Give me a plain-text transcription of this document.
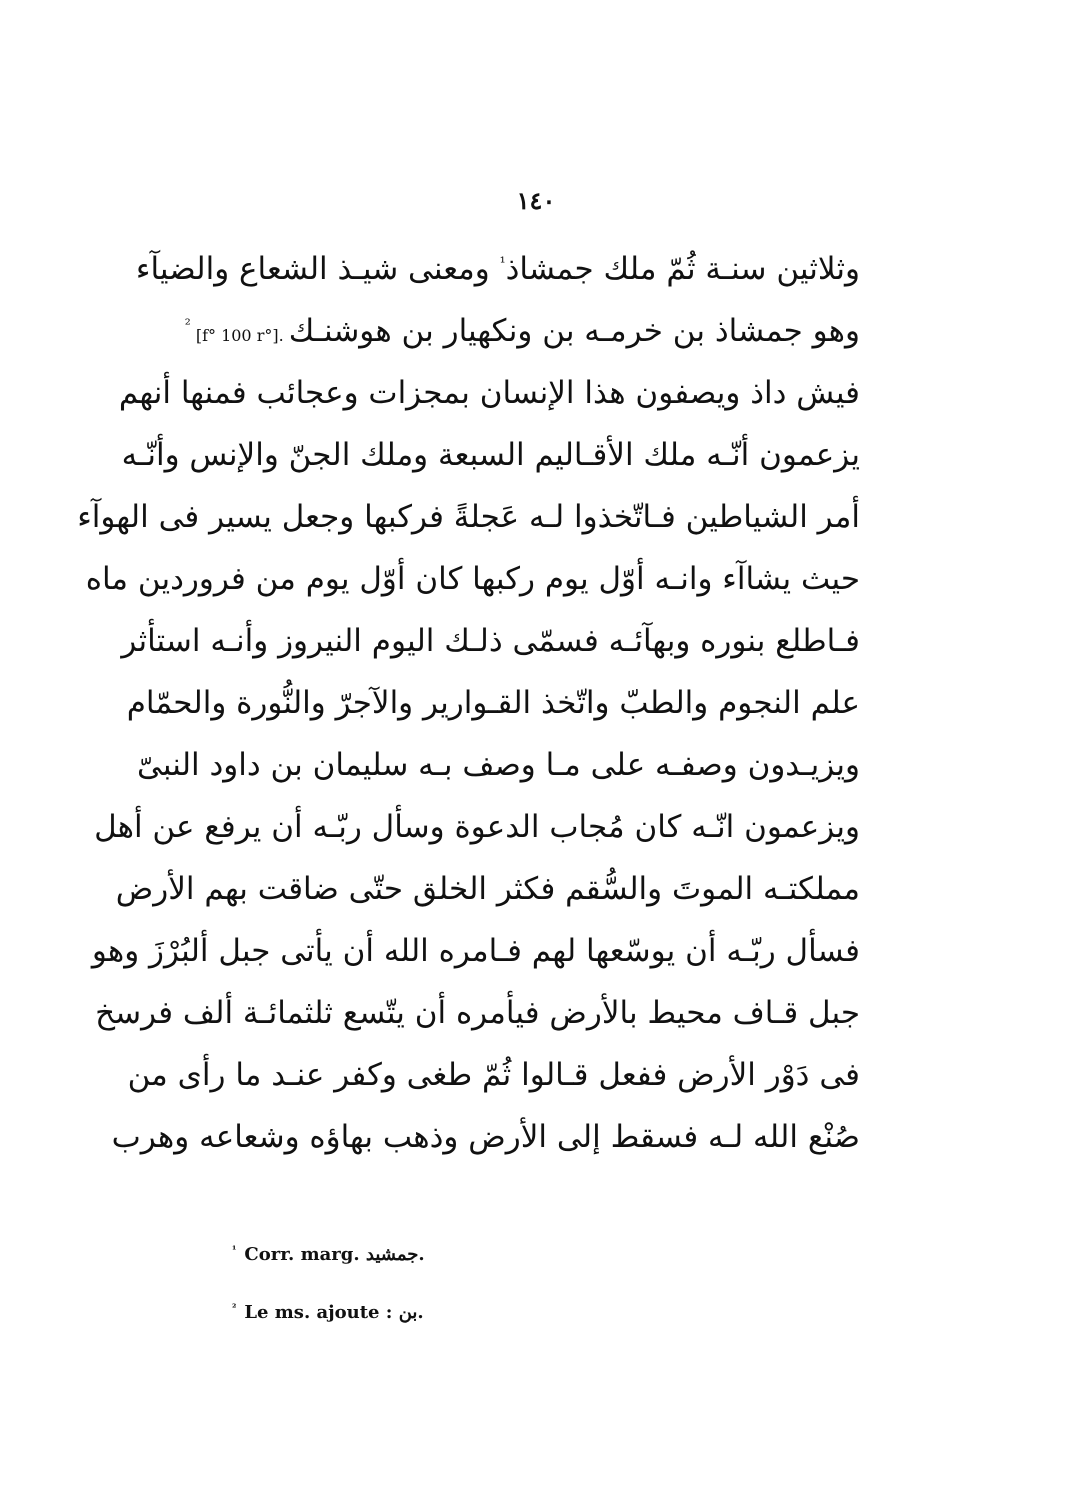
١٤٠
وثلاثين سنـة ثُمّ ملك جمشاذ$^{^1}$ ومعنى شيـذ الشعاع والضيآء
وهو جمشاذ بن خرمـه بن ونكهيار بن هوشنـك [f° 100 r°]. $^{^2}$
فيش داذ ويصفون هذا الإنسان بمجزات وعجائب فمنها أنهم
يزعمون أنّـه ملك الأقـاليم السبعة وملك الجنّ والإنس وأنّـه
أمر الشياطين فـاتّخذوا لـه عَجلةً فركبها وجعل يسير فى الهوآء
حيث يشاآء وانـه أوّل يوم ركبها كان أوّل يوم من فروردين ماه
فـاطلع بنوره وبهآئـه فسمّى ذلـك اليوم النيروز وأنـه استأثر
علم النجوم والطبّ واتّخذ القـوارير والآجرّ والنُّورة والحمّام
ويزيـدون وصفـه على مـا وصف بـه سليمان بن داود النبىّ
ويزعمون انّـه كان مُجاب الدعوة وسأل ربّـه أن يرفع عن أهل
مملكتـه الموتَ والسُّقم فكثر الخلق حتّى ضاقت بهم الأرض
فسأل ربّـه أن يوسّعها لهم فـامره الله أن يأتى جبل ألبُرْزَ وهو
جبل قـاف محيط بالأرض فيأمره أن يتّسع ثلثمائـة ألف فرسخ
فى دَوْر الأرض ففعل قـالوا ثُمّ طغى وكفر عنـد ما رأى من
صُنْع الله لـه فسقط إلى الأرض وذهب بهاؤه وشعاعه وهرب
$^{^1}$ Corr. marg. جمشيد.
$^{^2}$ Le ms. ajoute : بن.
